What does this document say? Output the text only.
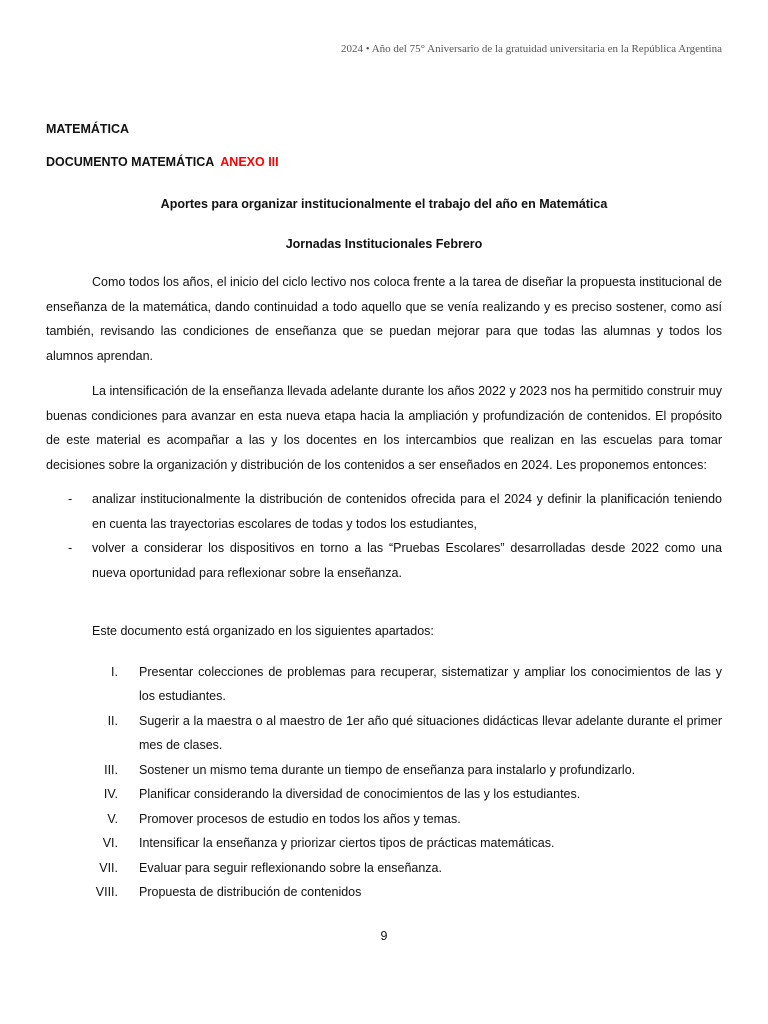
2024 • Año del 75° Aniversario de la gratuidad universitaria en la República Argentina
MATEMÁTICA
DOCUMENTO MATEMÁTICA ANEXO III
Aportes para organizar institucionalmente el trabajo del año en Matemática
Jornadas Institucionales Febrero

Como todos los años, el inicio del ciclo lectivo nos coloca frente a la tarea de diseñar la propuesta institucional de enseñanza de la matemática, dando continuidad a todo aquello que se venía realizando y es preciso sostener, como así también, revisando las condiciones de enseñanza que se puedan mejorar para que todas las alumnas y todos los alumnos aprendan.

La intensificación de la enseñanza llevada adelante durante los años 2022 y 2023 nos ha permitido construir muy buenas condiciones para avanzar en esta nueva etapa hacia la ampliación y profundización de contenidos. El propósito de este material es acompañar a las y los docentes en los intercambios que realizan en las escuelas para tomar decisiones sobre la organización y distribución de los contenidos a ser enseñados en 2024. Les proponemos entonces:

- analizar institucionalmente la distribución de contenidos ofrecida para el 2024 y definir la planificación teniendo en cuenta las trayectorias escolares de todas y todos los estudiantes,
- volver a considerar los dispositivos en torno a las “Pruebas Escolares” desarrolladas desde 2022 como una nueva oportunidad para reflexionar sobre la enseñanza.
Este documento está organizado en los siguientes apartados:
I. Presentar colecciones de problemas para recuperar, sistematizar y ampliar los conocimientos de las y los estudiantes.
II. Sugerir a la maestra o al maestro de 1er año qué situaciones didácticas llevar adelante durante el primer mes de clases.
III. Sostener un mismo tema durante un tiempo de enseñanza para instalarlo y profundizarlo.
IV. Planificar considerando la diversidad de conocimientos de las y los estudiantes.
V. Promover procesos de estudio en todos los años y temas.
VI. Intensificar la enseñanza y priorizar ciertos tipos de prácticas matemáticas.
VII. Evaluar para seguir reflexionando sobre la enseñanza.
VIII. Propuesta de distribución de contenidos
9
